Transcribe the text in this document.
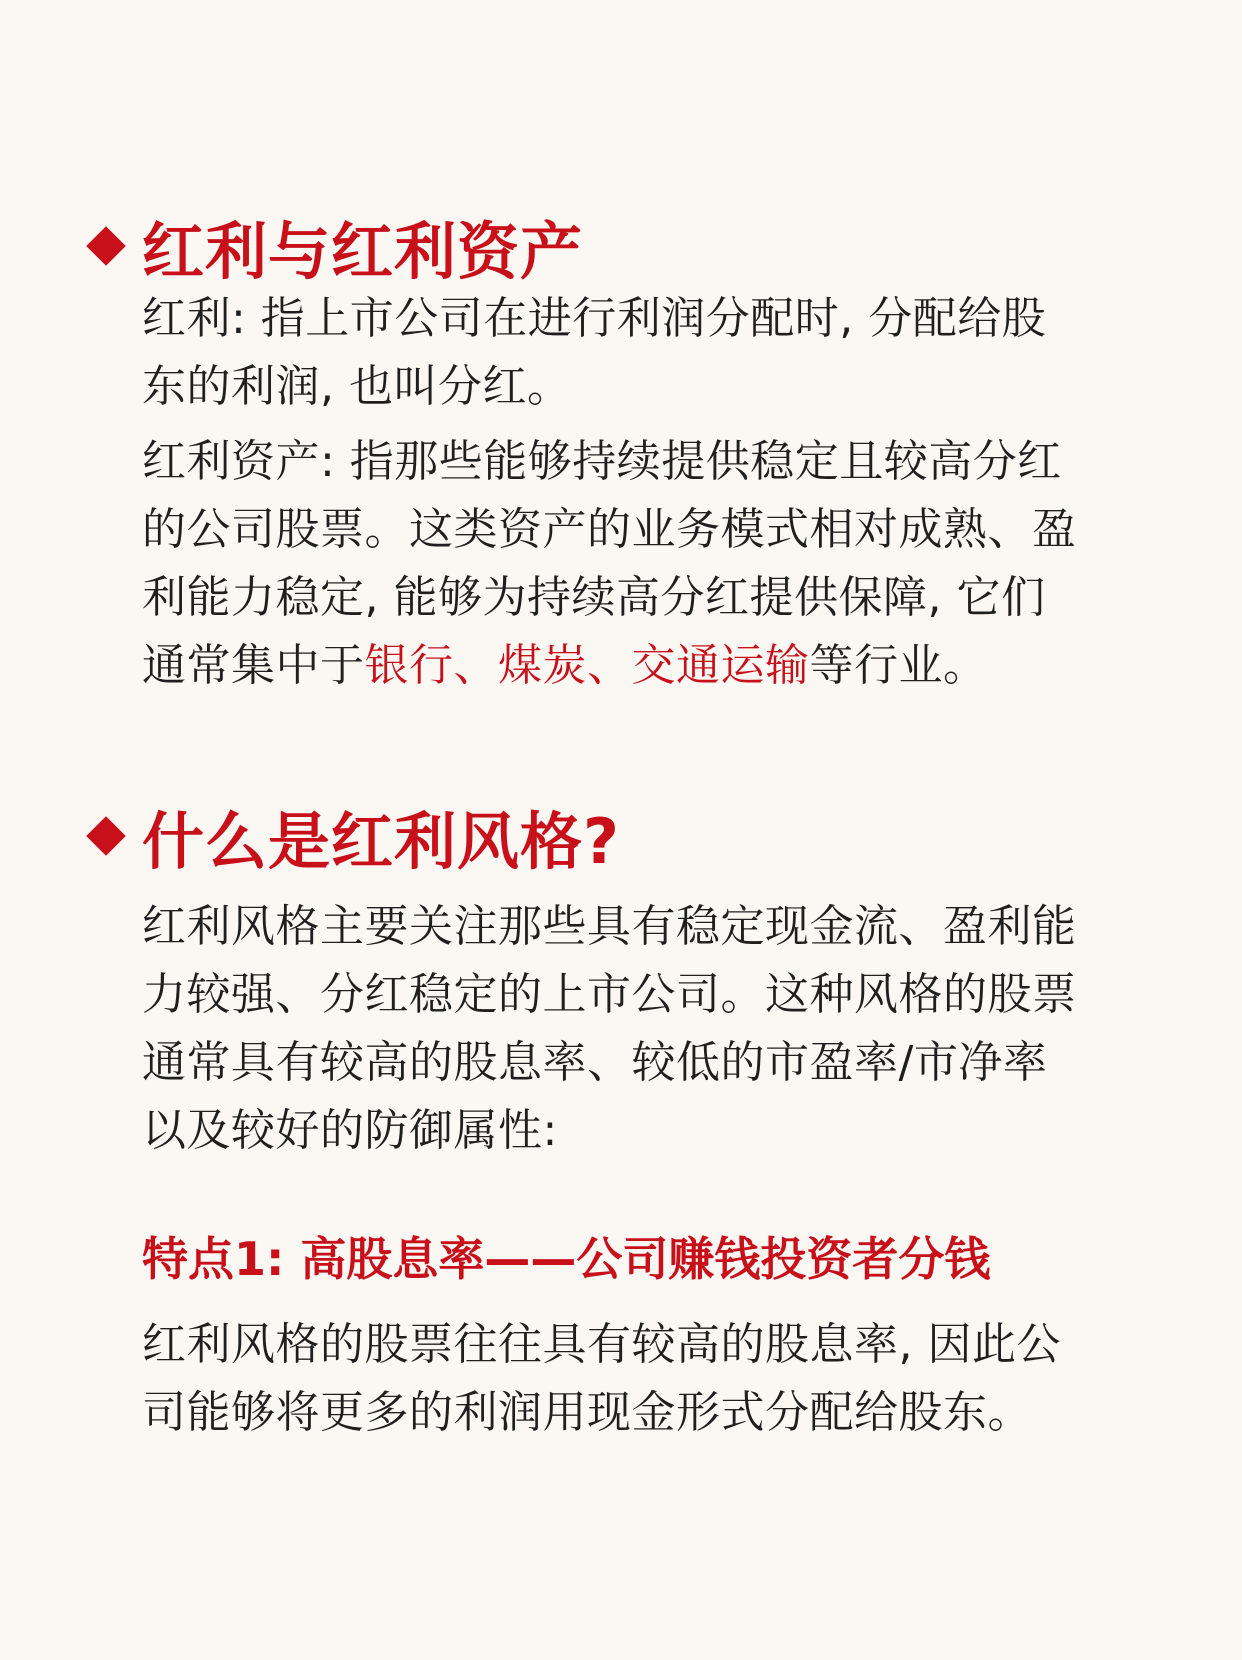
红利与红利资产

红利: 指上市公司在进行利润分配时, 分配给股
东的利润, 也叫分红。

红利资产: 指那些能够持续提供稳定且较高分红
的公司股票。这类资产的业务模式相对成熟、盈
利能力稳定, 能够为持续高分红提供保障, 它们
通常集中于银行、煤炭、交通运输等行业。

什么是红利风格?

红利风格主要关注那些具有稳定现金流、盈利能
力较强、分红稳定的上市公司。这种风格的股票
通常具有较高的股息率、较低的市盈率/市净率
以及较好的防御属性:

特点1: 高股息率——公司赚钱投资者分钱

红利风格的股票往往具有较高的股息率, 因此公
司能够将更多的利润用现金形式分配给股东。
